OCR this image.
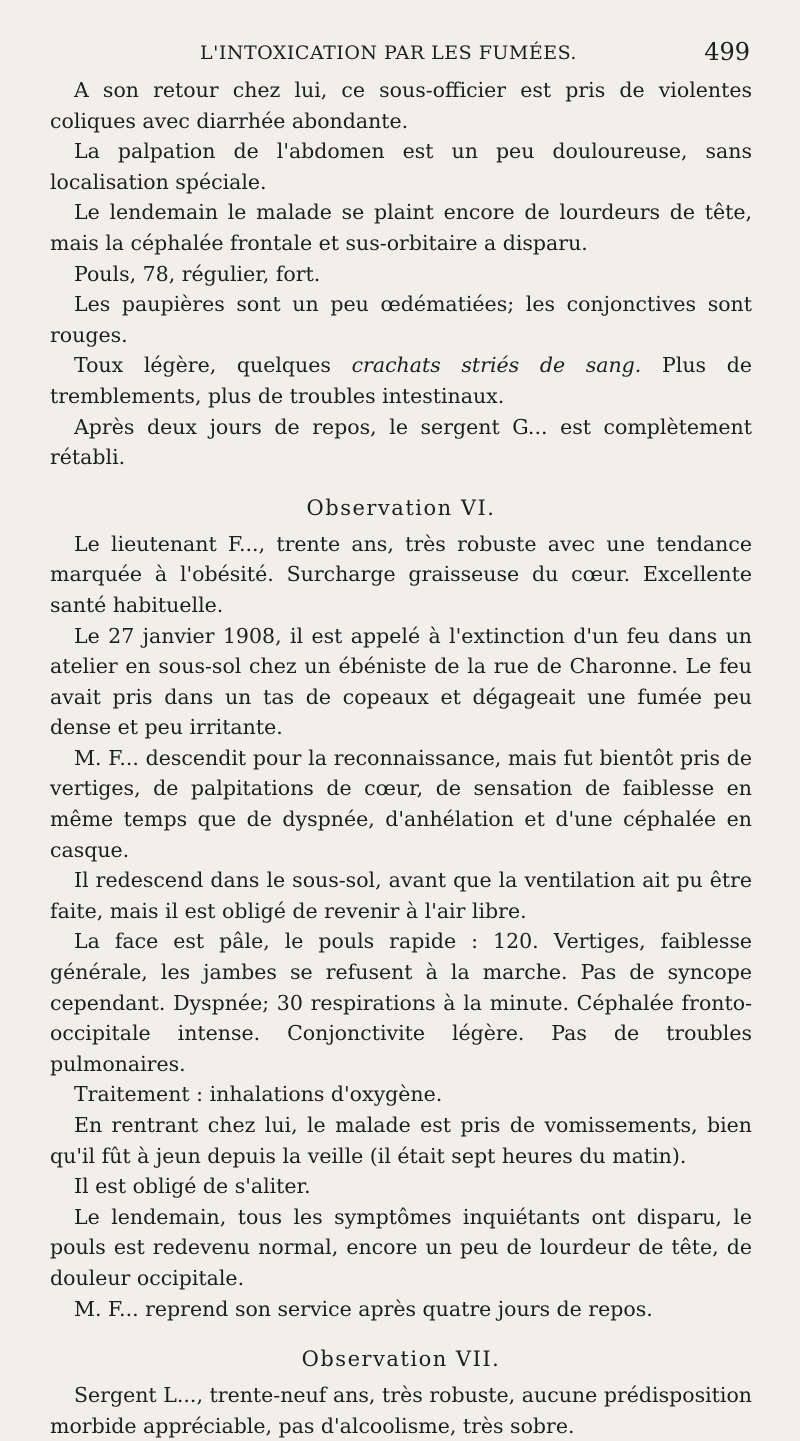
L'INTOXICATION PAR LES FUMÉES.	499

A son retour chez lui, ce sous-officier est pris de violentes coliques avec diarrhée abondante.

La palpation de l'abdomen est un peu douloureuse, sans localisation spéciale.

Le lendemain le malade se plaint encore de lourdeurs de tête, mais la céphalée frontale et sus-orbitaire a disparu.

Pouls, 78, régulier, fort.

Les paupières sont un peu œdématiées; les conjonctives sont rouges.

Toux légère, quelques crachats striés de sang. Plus de tremblements, plus de troubles intestinaux.

Après deux jours de repos, le sergent G... est complètement rétabli.

Observation VI.

Le lieutenant F..., trente ans, très robuste avec une tendance marquée à l'obésité. Surcharge graisseuse du cœur. Excellente santé habituelle.

Le 27 janvier 1908, il est appelé à l'extinction d'un feu dans un atelier en sous-sol chez un ébéniste de la rue de Charonne. Le feu avait pris dans un tas de copeaux et dégageait une fumée peu dense et peu irritante.

M. F... descendit pour la reconnaissance, mais fut bientôt pris de vertiges, de palpitations de cœur, de sensation de faiblesse en même temps que de dyspnée, d'anhélation et d'une céphalée en casque.

Il redescend dans le sous-sol, avant que la ventilation ait pu être faite, mais il est obligé de revenir à l'air libre.

La face est pâle, le pouls rapide : 120. Vertiges, faiblesse générale, les jambes se refusent à la marche. Pas de syncope cependant. Dyspnée; 30 respirations à la minute. Céphalée fronto-occipitale intense. Conjonctivite légère. Pas de troubles pulmonaires.

Traitement : inhalations d'oxygène.

En rentrant chez lui, le malade est pris de vomissements, bien qu'il fût à jeun depuis la veille (il était sept heures du matin).

Il est obligé de s'aliter.

Le lendemain, tous les symptômes inquiétants ont disparu, le pouls est redevenu normal, encore un peu de lourdeur de tête, de douleur occipitale.

M. F... reprend son service après quatre jours de repos.

Observation VII.

Sergent L..., trente-neuf ans, très robuste, aucune prédisposition morbide appréciable, pas d'alcoolisme, très sobre.
